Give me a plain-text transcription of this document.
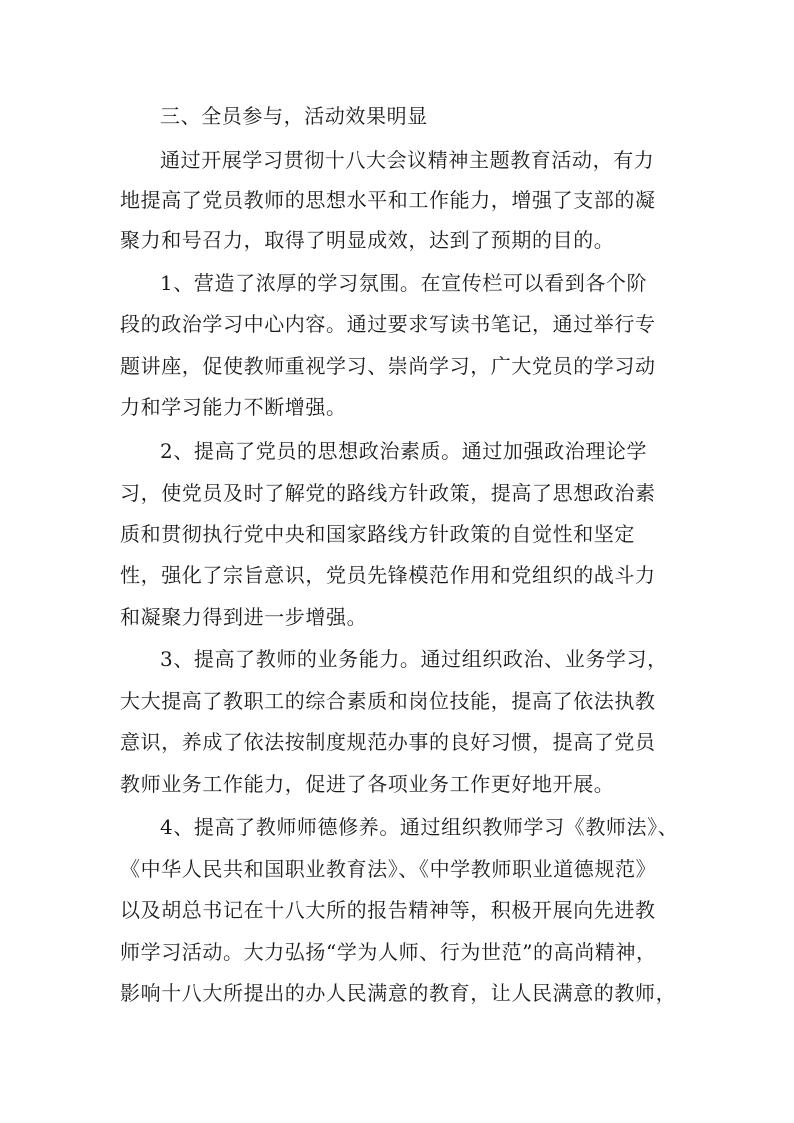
三、全员参与，活动效果明显
通过开展学习贯彻十八大会议精神主题教育活动，有力
地提高了党员教师的思想水平和工作能力，增强了支部的凝
聚力和号召力，取得了明显成效，达到了预期的目的。
1、营造了浓厚的学习氛围。在宣传栏可以看到各个阶
段的政治学习中心内容。通过要求写读书笔记，通过举行专
题讲座，促使教师重视学习、崇尚学习，广大党员的学习动
力和学习能力不断增强。
2、提高了党员的思想政治素质。通过加强政治理论学
习，使党员及时了解党的路线方针政策，提高了思想政治素
质和贯彻执行党中央和国家路线方针政策的自觉性和坚定
性，强化了宗旨意识，党员先锋模范作用和党组织的战斗力
和凝聚力得到进一步增强。
3、提高了教师的业务能力。通过组织政治、业务学习，
大大提高了教职工的综合素质和岗位技能，提高了依法执教
意识，养成了依法按制度规范办事的良好习惯，提高了党员
教师业务工作能力，促进了各项业务工作更好地开展。
4、提高了教师师德修养。通过组织教师学习《教师法》、
《中华人民共和国职业教育法》、《中学教师职业道德规范》
以及胡总书记在十八大所的报告精神等，积极开展向先进教
师学习活动。大力弘扬“学为人师、行为世范”的高尚精神，
影响十八大所提出的办人民满意的教育，让人民满意的教师，
